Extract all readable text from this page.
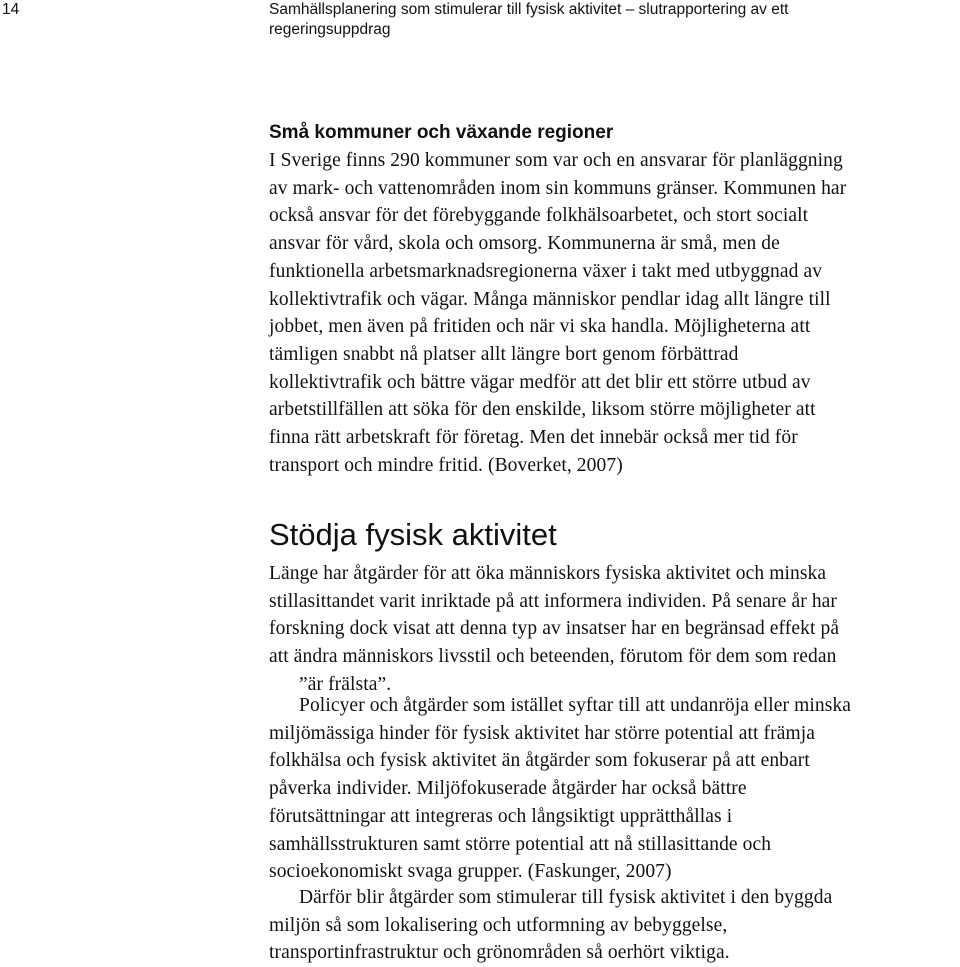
14	Samhällsplanering som stimulerar till fysisk aktivitet – slutrapportering av ett
regeringsuppdrag
Små kommuner och växande regioner

I Sverige finns 290 kommuner som var och en ansvarar för planläggning
av mark- och vattenområden inom sin kommuns gränser. Kommunen har
också ansvar för det förebyggande folkhälsoarbetet, och stort socialt
ansvar för vård, skola och omsorg. Kommunerna är små, men de
funktionella arbetsmarknadsregionerna växer i takt med utbyggnad av
kollektivtrafik och vägar. Många människor pendlar idag allt längre till
jobbet, men även på fritiden och när vi ska handla. Möjligheterna att
tämligen snabbt nå platser allt längre bort genom förbättrad
kollektivtrafik och bättre vägar medför att det blir ett större utbud av
arbetstillfällen att söka för den enskilde, liksom större möjligheter att
finna rätt arbetskraft för företag. Men det innebär också mer tid för
transport och mindre fritid. (Boverket, 2007)

Stödja fysisk aktivitet

Länge har åtgärder för att öka människors fysiska aktivitet och minska
stillasittandet varit inriktade på att informera individen. På senare år har
forskning dock visat att denna typ av insatser har en begränsad effekt på
att ändra människors livsstil och beteenden, förutom för dem som redan
”är frälsta”.

Policyer och åtgärder som istället syftar till att undanröja eller minska
miljömässiga hinder för fysisk aktivitet har större potential att främja
folkhälsa och fysisk aktivitet än åtgärder som fokuserar på att enbart
påverka individer. Miljöfokuserade åtgärder har också bättre
förutsättningar att integreras och långsiktigt upprätthållas i
samhällsstrukturen samt större potential att nå stillasittande och
socioekonomiskt svaga grupper. (Faskunger, 2007)

Därför blir åtgärder som stimulerar till fysisk aktivitet i den byggda
miljön så som lokalisering och utformning av bebyggelse,
transportinfrastruktur och grönområden så oerhört viktiga.
